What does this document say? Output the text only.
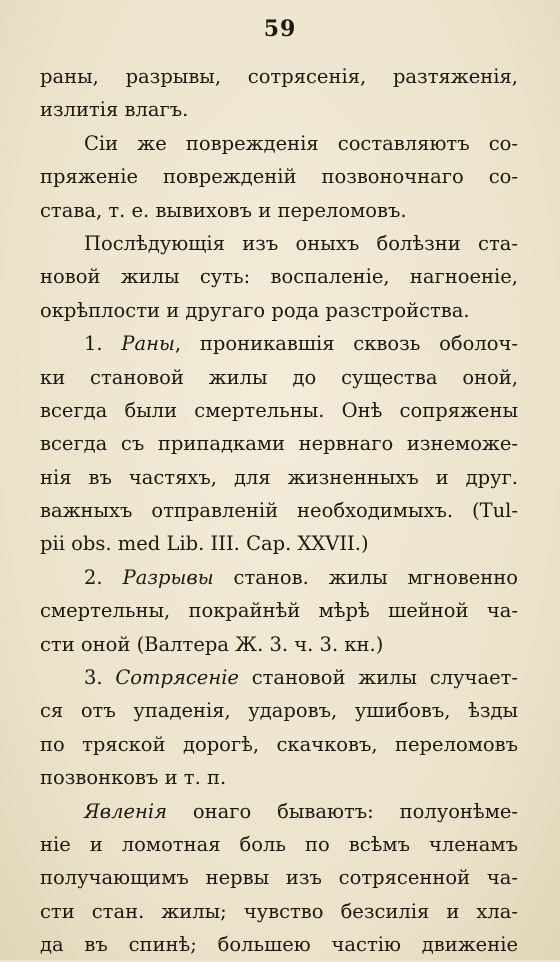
59
раны, разрывы, сотрясенія, разтяженія,
излитія влагъ.
Сіи же поврежденія составляютъ со-
пряженіе поврежденій позвоночнаго со-
става, т. е. вывиховъ и переломовъ.
Послѣдующія изъ оныхъ болѣзни ста-
новой жилы суть: воспаленіе, нагноеніе,
окрѣплости и другаго рода разстройства.
1. Раны, проникавшія сквозь оболоч-
ки становой жилы до существа оной,
всегда были смертельны. Онѣ сопряжены
всегда съ припадками нервнаго изнеможе-
нія въ частяхъ, для жизненныхъ и друг.
важныхъ отправленій необходимыхъ. (Tul-
pii obs. med Lib. III. Cap. XXVII.)
2. Разрывы станов. жилы мгновенно
смертельны, покрайнѣй мѣрѣ шейной ча-
сти оной (Валтера Ж. 3. ч. 3. кн.)
3. Сотрясеніе становой жилы случает-
ся отъ упаденія, ударовъ, ушибовъ, ѣзды
по тряской дорогѣ, скачковъ, переломовъ
позвонковъ и т. п.
Явленія онаго бываютъ: полуонѣме-
ніе и ломотная боль по всѣмъ членамъ
получающимъ нервы изъ сотрясенной ча-
сти стан. жилы; чувство безсилія и хла-
да въ спинѣ; большею частію движеніе
